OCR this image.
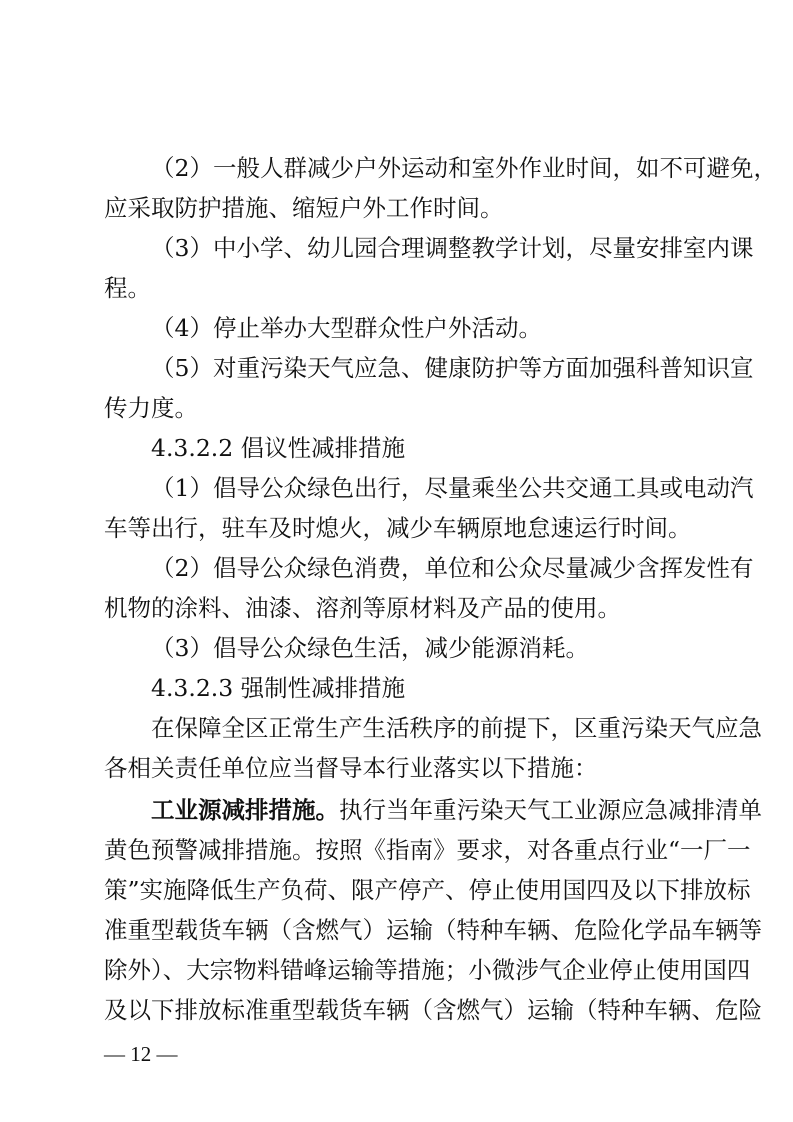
（2）一般人群减少户外运动和室外作业时间，如不可避免，
应采取防护措施、缩短户外工作时间。
（3）中小学、幼儿园合理调整教学计划，尽量安排室内课
程。
（4）停止举办大型群众性户外活动。
（5）对重污染天气应急、健康防护等方面加强科普知识宣
传力度。
4.3.2.2 倡议性减排措施
（1）倡导公众绿色出行，尽量乘坐公共交通工具或电动汽
车等出行，驻车及时熄火，减少车辆原地怠速运行时间。
（2）倡导公众绿色消费，单位和公众尽量减少含挥发性有
机物的涂料、油漆、溶剂等原材料及产品的使用。
（3）倡导公众绿色生活，减少能源消耗。
4.3.2.3 强制性减排措施
在保障全区正常生产生活秩序的前提下，区重污染天气应急
各相关责任单位应当督导本行业落实以下措施：
工业源减排措施。执行当年重污染天气工业源应急减排清单
黄色预警减排措施。按照《指南》要求，对各重点行业“一厂一
策”实施降低生产负荷、限产停产、停止使用国四及以下排放标
准重型载货车辆（含燃气）运输（特种车辆、危险化学品车辆等
除外）、大宗物料错峰运输等措施；小微涉气企业停止使用国四
及以下排放标准重型载货车辆（含燃气）运输（特种车辆、危险
— 12 —
